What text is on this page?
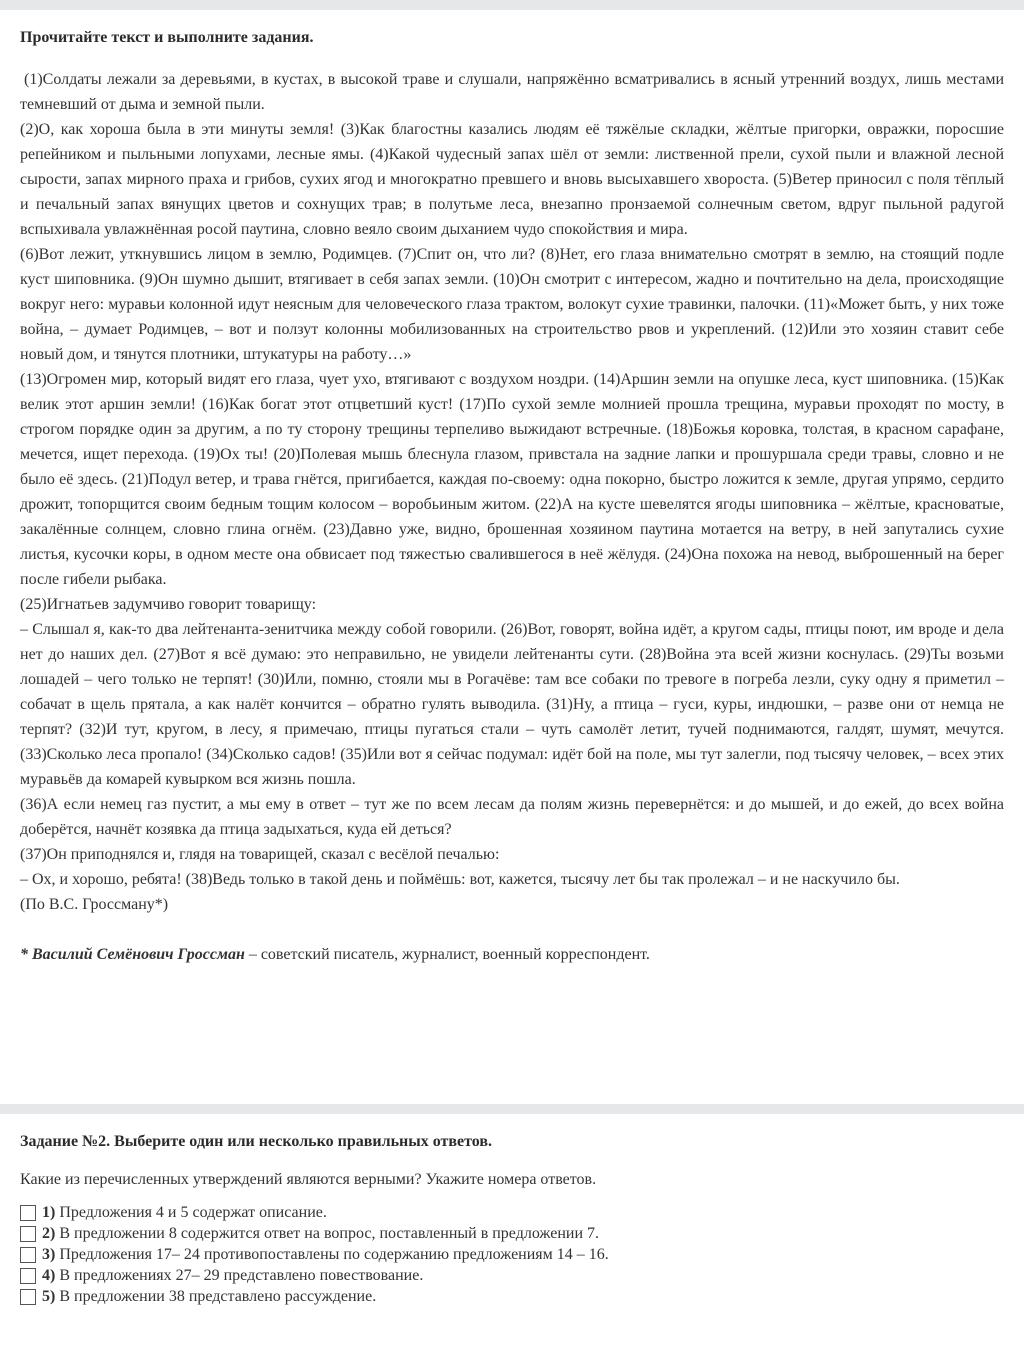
Прочитайте текст и выполните задания.

(1)Солдаты лежали за деревьями, в кустах, в высокой траве и слушали, напряжённо всматривались в ясный утренний воздух, лишь местами темневший от дыма и земной пыли.

(2)О, как хороша была в эти минуты земля! (3)Как благостны казались людям её тяжёлые складки, жёлтые пригорки, овражки, поросшие репейником и пыльными лопухами, лесные ямы. (4)Какой чудесный запах шёл от земли: лиственной прели, сухой пыли и влажной лесной сырости, запах мирного праха и грибов, сухих ягод и многократно превшего и вновь высыхавшего хвороста. (5)Ветер приносил с поля тёплый и печальный запах вянущих цветов и сохнущих трав; в полутьме леса, внезапно пронзаемой солнечным светом, вдруг пыльной радугой вспыхивала увлажнённая росой паутина, словно веяло своим дыханием чудо спокойствия и мира.

(6)Вот лежит, уткнувшись лицом в землю, Родимцев. (7)Спит он, что ли? (8)Нет, его глаза внимательно смотрят в землю, на стоящий подле куст шиповника. (9)Он шумно дышит, втягивает в себя запах земли. (10)Он смотрит с интересом, жадно и почтительно на дела, происходящие вокруг него: муравьи колонной идут неясным для человеческого глаза трактом, волокут сухие травинки, палочки. (11)«Может быть, у них тоже война, – думает Родимцев, – вот и ползут колонны мобилизованных на строительство рвов и укреплений. (12)Или это хозяин ставит себе новый дом, и тянутся плотники, штукатуры на работу…»

(13)Огромен мир, который видят его глаза, чует ухо, втягивают с воздухом ноздри. (14)Аршин земли на опушке леса, куст шиповника. (15)Как велик этот аршин земли! (16)Как богат этот отцветший куст! (17)По сухой земле молнией прошла трещина, муравьи проходят по мосту, в строгом порядке один за другим, а по ту сторону трещины терпеливо выжидают встречные. (18)Божья коровка, толстая, в красном сарафане, мечется, ищет перехода. (19)Ох ты! (20)Полевая мышь блеснула глазом, привстала на задние лапки и прошуршала среди травы, словно и не было её здесь. (21)Подул ветер, и трава гнётся, пригибается, каждая по-своему: одна покорно, быстро ложится к земле, другая упрямо, сердито дрожит, топорщится своим бедным тощим колосом – воробьиным житом. (22)А на кусте шевелятся ягоды шиповника – жёлтые, красноватые, закалённые солнцем, словно глина огнём. (23)Давно уже, видно, брошенная хозяином паутина мотается на ветру, в ней запутались сухие листья, кусочки коры, в одном месте она обвисает под тяжестью свалившегося в неё жёлудя. (24)Она похожа на невод, выброшенный на берег после гибели рыбака.

(25)Игнатьев задумчиво говорит товарищу:

– Слышал я, как-то два лейтенанта-зенитчика между собой говорили. (26)Вот, говорят, война идёт, а кругом сады, птицы поют, им вроде и дела нет до наших дел. (27)Вот я всё думаю: это неправильно, не увидели лейтенанты сути. (28)Война эта всей жизни коснулась. (29)Ты возьми лошадей – чего только не терпят! (30)Или, помню, стояли мы в Рогачёве: там все собаки по тревоге в погреба лезли, суку одну я приметил – собачат в щель прятала, а как налёт кончится – обратно гулять выводила. (31)Ну, а птица – гуси, куры, индюшки, – разве они от немца не терпят? (32)И тут, кругом, в лесу, я примечаю, птицы пугаться стали – чуть самолёт летит, тучей поднимаются, галдят, шумят, мечутся. (33)Сколько леса пропало! (34)Сколько садов! (35)Или вот я сейчас подумал: идёт бой на поле, мы тут залегли, под тысячу человек, – всех этих муравьёв да комарей кувырком вся жизнь пошла.

(36)А если немец газ пустит, а мы ему в ответ – тут же по всем лесам да полям жизнь перевернётся: и до мышей, и до ежей, до всех война доберётся, начнёт козявка да птица задыхаться, куда ей деться?

(37)Он приподнялся и, глядя на товарищей, сказал с весёлой печалью:

– Ох, и хорошо, ребята! (38)Ведь только в такой день и поймёшь: вот, кажется, тысячу лет бы так пролежал – и не наскучило бы.

(По В.С. Гроссману*)

* Василий Семёнович Гроссман – советский писатель, журналист, военный корреспондент.
Задание №2. Выберите один или несколько правильных ответов.
Какие из перечисленных утверждений являются верными? Укажите номера ответов.
1) Предложения 4 и 5 содержат описание.
2) В предложении 8 содержится ответ на вопрос, поставленный в предложении 7.
3) Предложения 17– 24 противопоставлены по содержанию предложениям 14 – 16.
4) В предложениях 27– 29 представлено повествование.
5) В предложении 38 представлено рассуждение.
